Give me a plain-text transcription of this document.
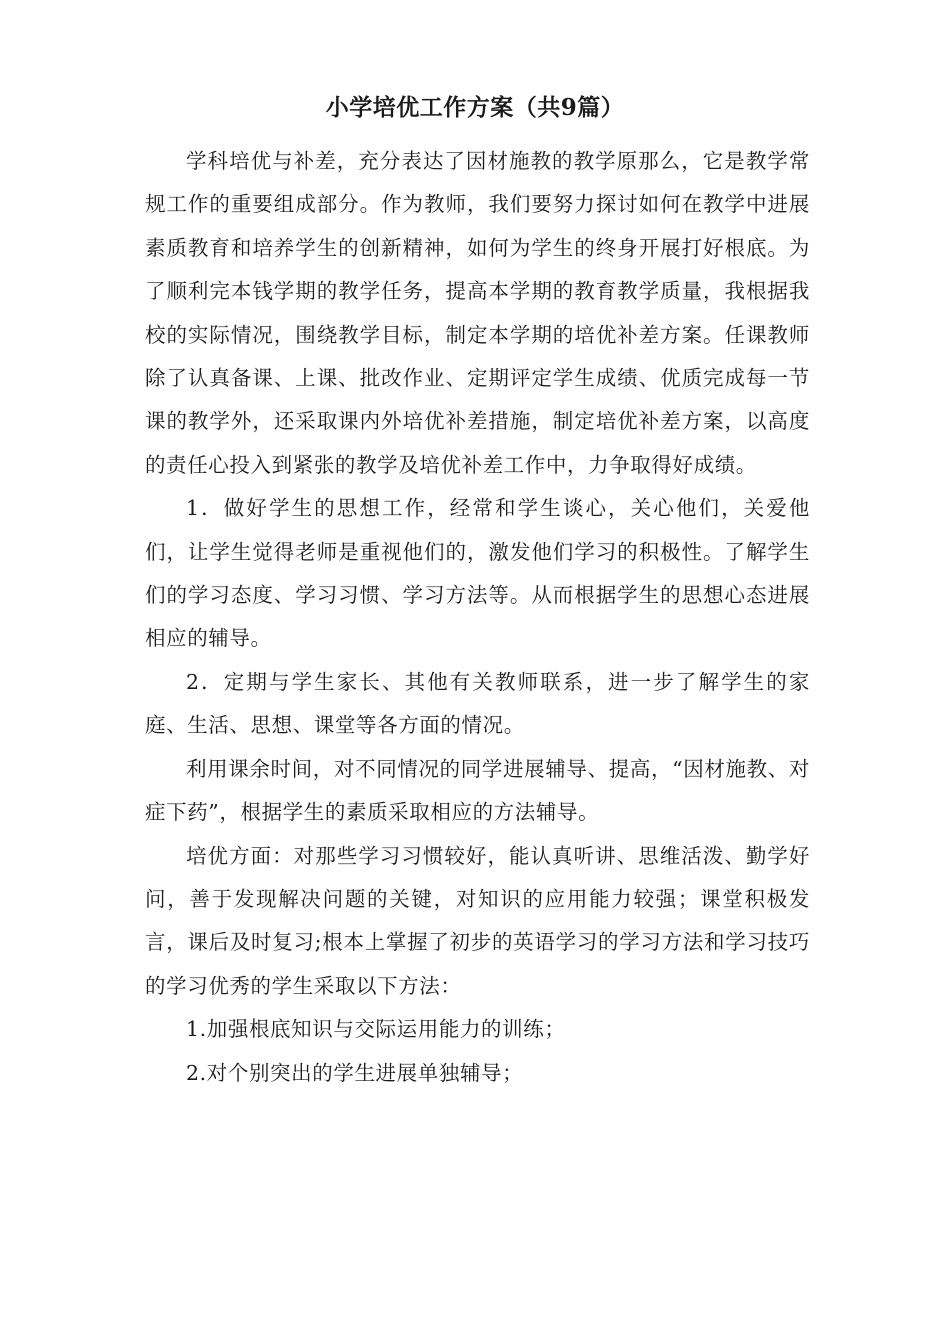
小学培优工作方案（共9篇）

学科培优与补差，充分表达了因材施教的教学原那么，它是教学常规工作的重要组成部分。作为教师，我们要努力探讨如何在教学中进展素质教育和培养学生的创新精神，如何为学生的终身开展打好根底。为了顺利完本钱学期的教学任务，提高本学期的教育教学质量，我根据我校的实际情况，围绕教学目标，制定本学期的培优补差方案。任课教师除了认真备课、上课、批改作业、定期评定学生成绩、优质完成每一节课的教学外，还采取课内外培优补差措施，制定培优补差方案，以高度的责任心投入到紧张的教学及培优补差工作中，力争取得好成绩。

1．做好学生的思想工作，经常和学生谈心，关心他们，关爱他们，让学生觉得老师是重视他们的，激发他们学习的积极性。了解学生们的学习态度、学习习惯、学习方法等。从而根据学生的思想心态进展相应的辅导。

2．定期与学生家长、其他有关教师联系，进一步了解学生的家庭、生活、思想、课堂等各方面的情况。

利用课余时间，对不同情况的同学进展辅导、提高，“因材施教、对症下药”，根据学生的素质采取相应的方法辅导。

培优方面：对那些学习习惯较好，能认真听讲、思维活泼、勤学好问，善于发现解决问题的关键，对知识的应用能力较强；课堂积极发言，课后及时复习;根本上掌握了初步的英语学习的学习方法和学习技巧的学习优秀的学生采取以下方法：

1.加强根底知识与交际运用能力的训练；

2.对个别突出的学生进展单独辅导；
